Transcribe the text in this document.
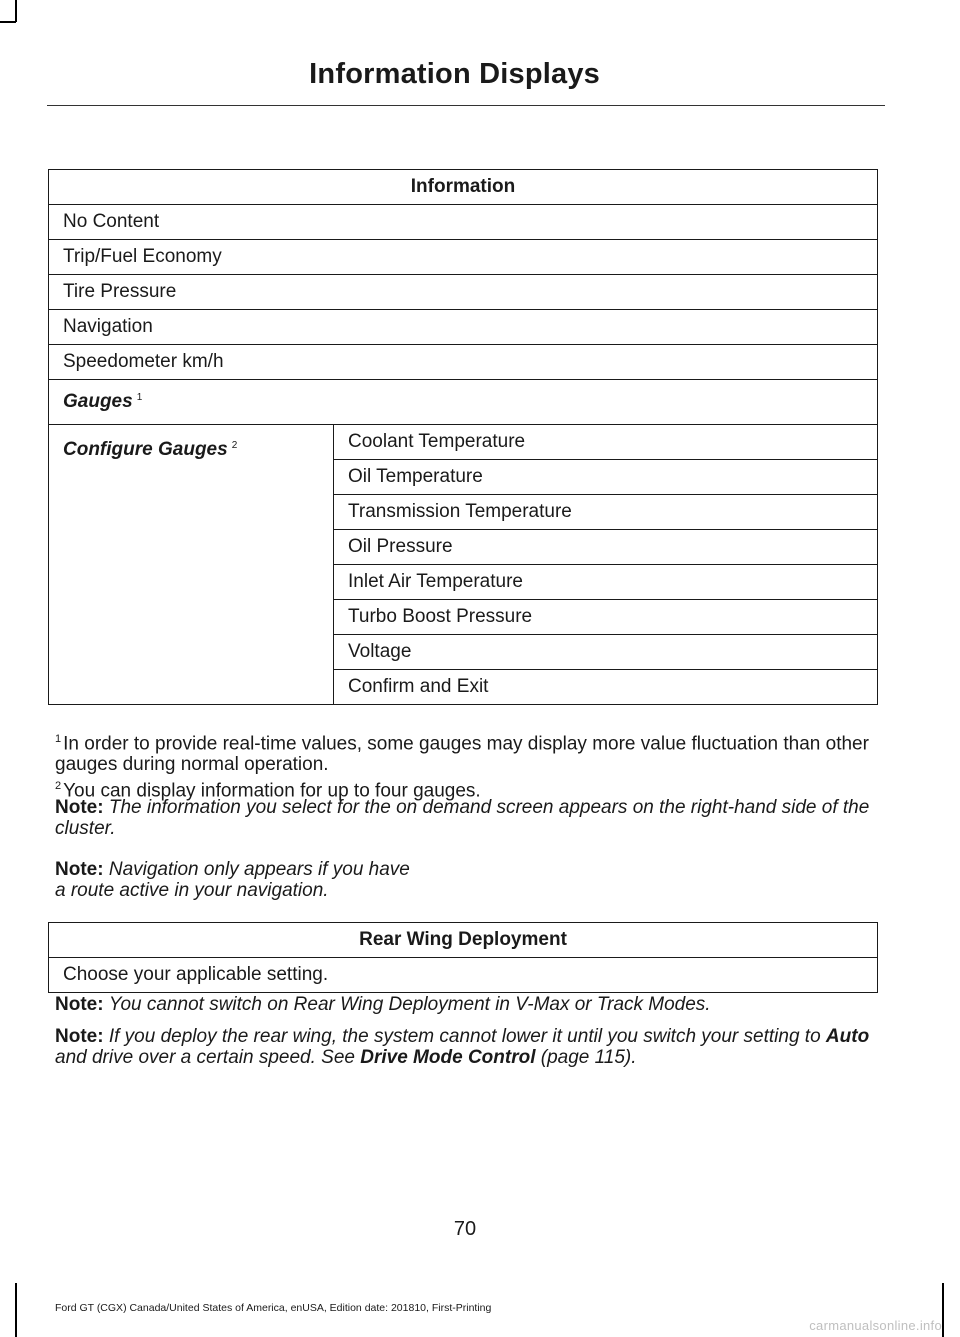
Information Displays
Information
No Content
Trip/Fuel Economy
Tire Pressure
Navigation
Speedometer km/h
Gauges $^1$
Configure Gauges $^2$	Coolant Temperature
Oil Temperature
Transmission Temperature
Oil Pressure
Inlet Air Temperature
Turbo Boost Pressure
Voltage
Confirm and Exit
$^1$ In order to provide real-time values, some gauges may display more value fluctuation than other gauges during normal operation.
$^2$ You can display information for up to four gauges.
Note: The information you select for the on demand screen appears on the right-hand side of the cluster.
Note: Navigation only appears if you have
a route active in your navigation.
Rear Wing Deployment
Choose your applicable setting.
Note: You cannot switch on Rear Wing Deployment in V-Max or Track Modes.
Note: If you deploy the rear wing, the system cannot lower it until you switch your setting to Auto and drive over a certain speed. See Drive Mode Control (page 115).
70
Ford GT (CGX) Canada/United States of America, enUSA, Edition date: 201810, First-Printing
carmanualsonline.info
